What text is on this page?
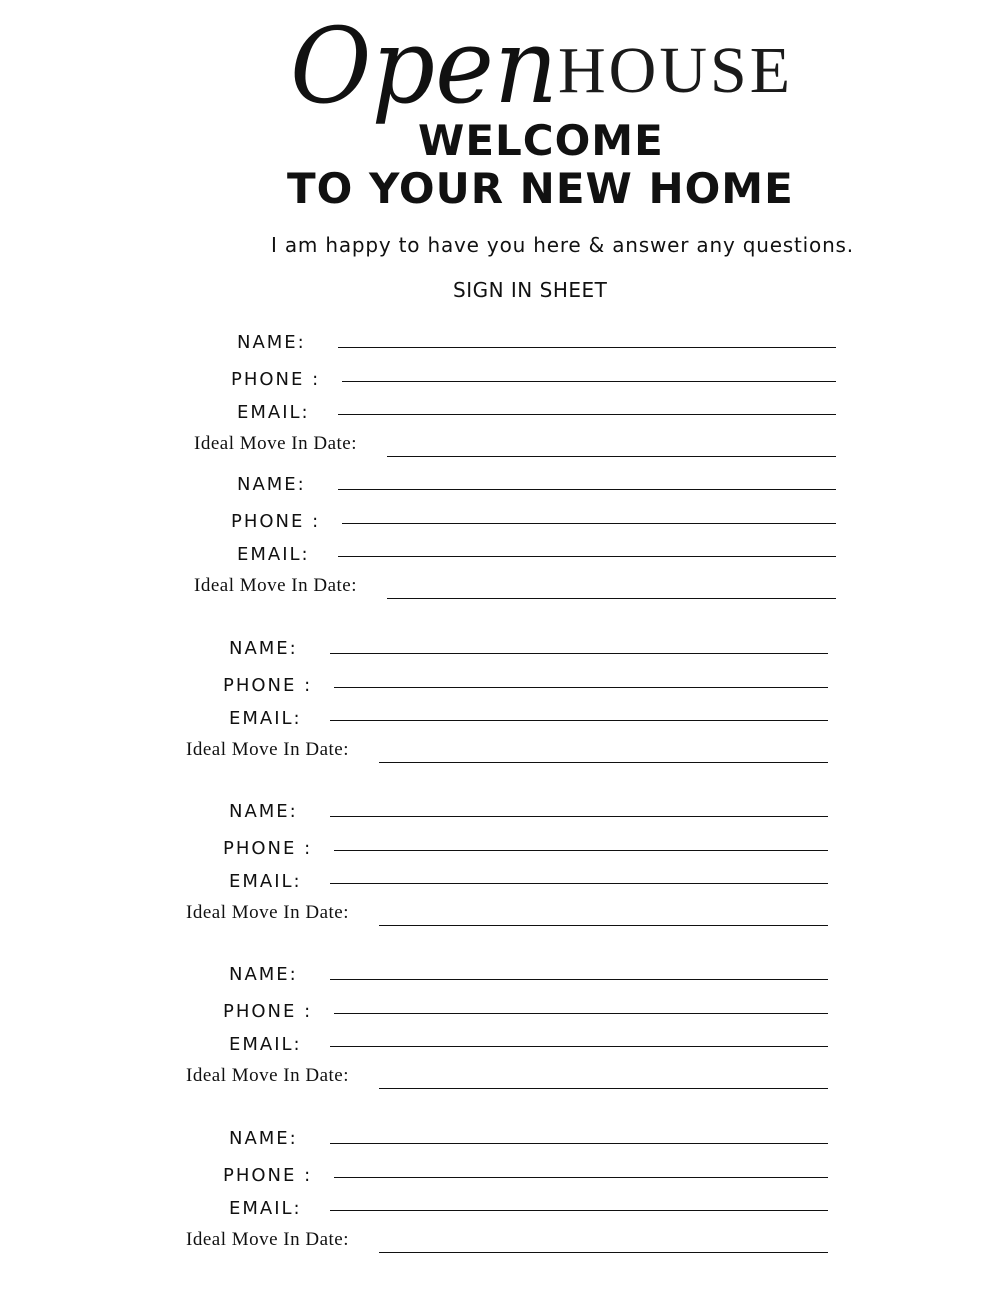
Open HOUSE
WELCOME
TO YOUR NEW HOME
I am happy to have you here & answer any questions.
SIGN IN SHEET
NAME:
PHONE :
EMAIL:
Ideal Move In Date:
NAME:
PHONE :
EMAIL:
Ideal Move In Date:
NAME:
PHONE :
EMAIL:
Ideal Move In Date:
NAME:
PHONE :
EMAIL:
Ideal Move In Date:
NAME:
PHONE :
EMAIL:
Ideal Move In Date:
NAME:
PHONE :
EMAIL:
Ideal Move In Date:
